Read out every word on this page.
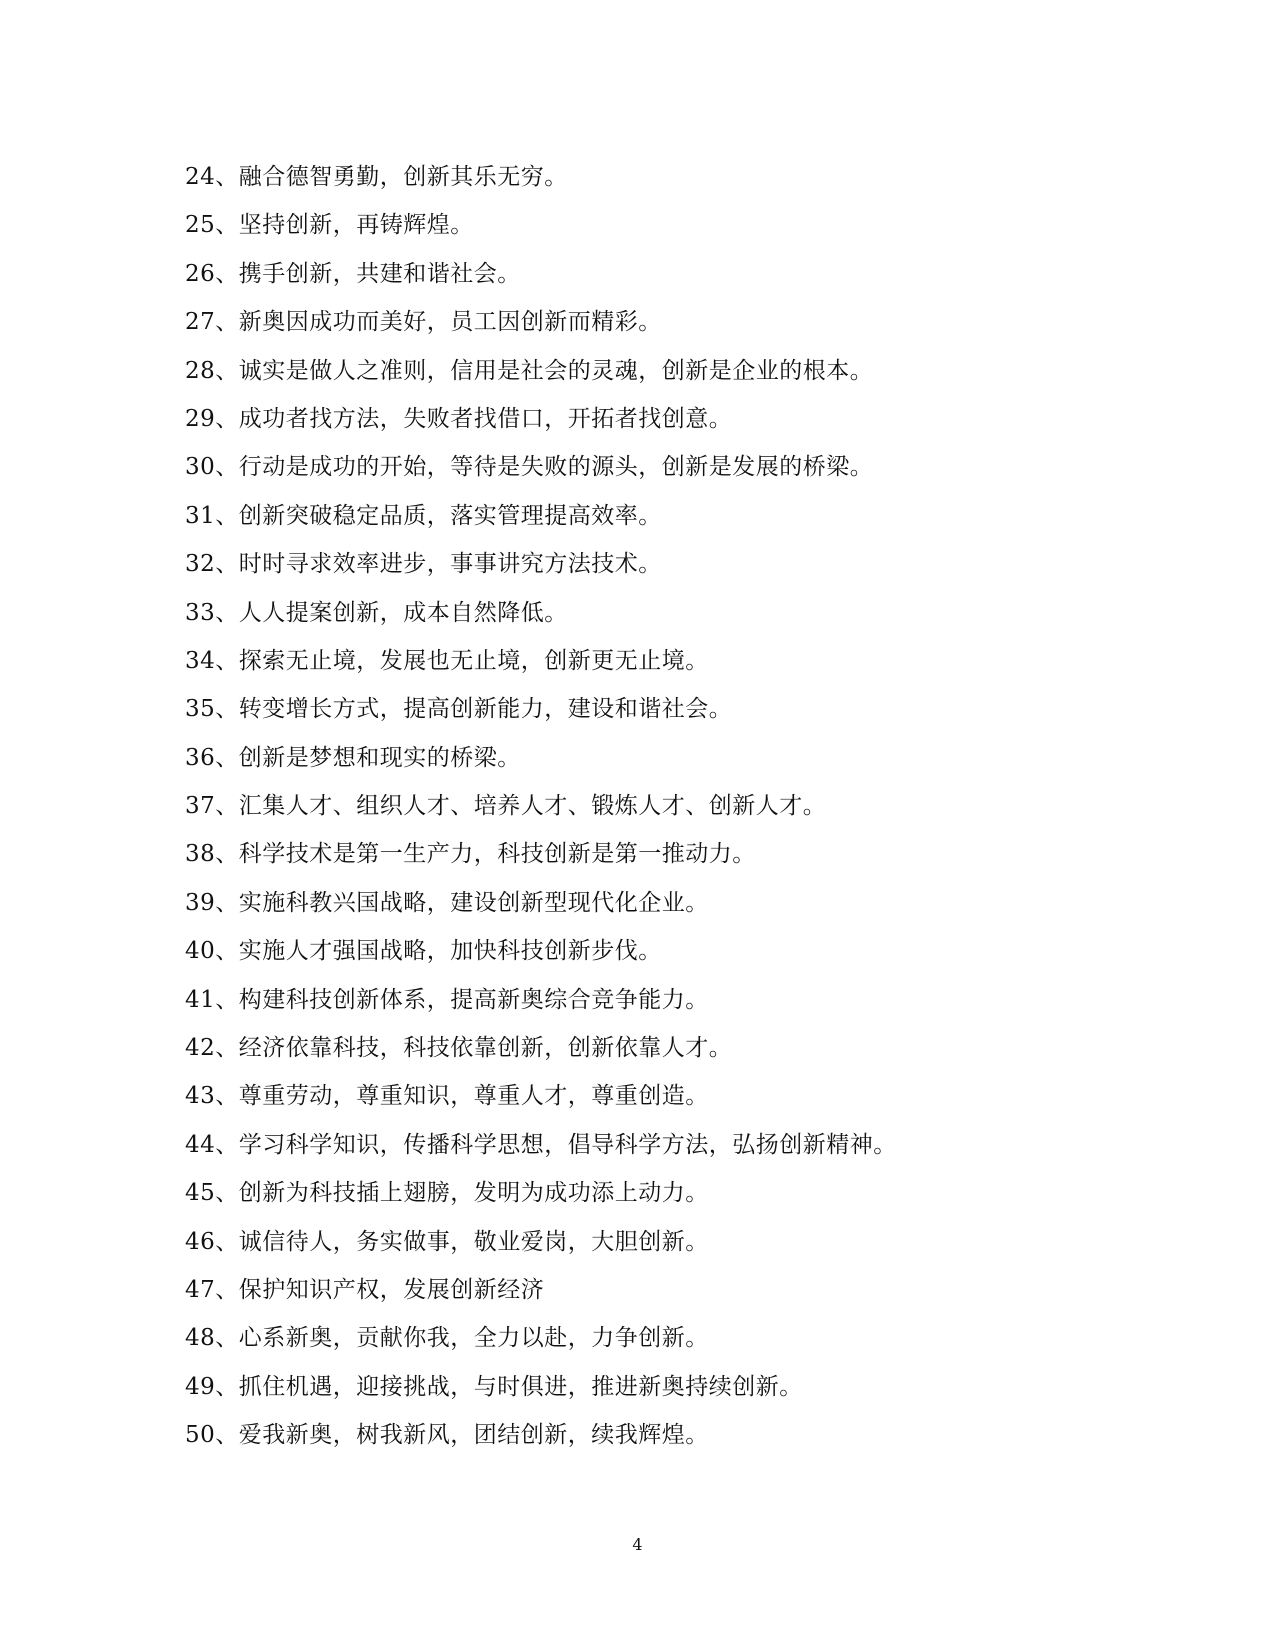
24、融合德智勇勤，创新其乐无穷。
25、坚持创新，再铸辉煌。
26、携手创新，共建和谐社会。
27、新奥因成功而美好，员工因创新而精彩。
28、诚实是做人之准则，信用是社会的灵魂，创新是企业的根本。
29、成功者找方法，失败者找借口，开拓者找创意。
30、行动是成功的开始，等待是失败的源头，创新是发展的桥梁。
31、创新突破稳定品质，落实管理提高效率。
32、时时寻求效率进步，事事讲究方法技术。
33、人人提案创新，成本自然降低。
34、探索无止境，发展也无止境，创新更无止境。
35、转变增长方式，提高创新能力，建设和谐社会。
36、创新是梦想和现实的桥梁。
37、汇集人才、组织人才、培养人才、锻炼人才、创新人才。
38、科学技术是第一生产力，科技创新是第一推动力。
39、实施科教兴国战略，建设创新型现代化企业。
40、实施人才强国战略，加快科技创新步伐。
41、构建科技创新体系，提高新奥综合竞争能力。
42、经济依靠科技，科技依靠创新，创新依靠人才。
43、尊重劳动，尊重知识，尊重人才，尊重创造。
44、学习科学知识，传播科学思想，倡导科学方法，弘扬创新精神。
45、创新为科技插上翅膀，发明为成功添上动力。
46、诚信待人，务实做事，敬业爱岗，大胆创新。
47、保护知识产权，发展创新经济
48、心系新奥，贡献你我，全力以赴，力争创新。
49、抓住机遇，迎接挑战，与时俱进，推进新奥持续创新。
50、爱我新奥，树我新风，团结创新，续我辉煌。
4
